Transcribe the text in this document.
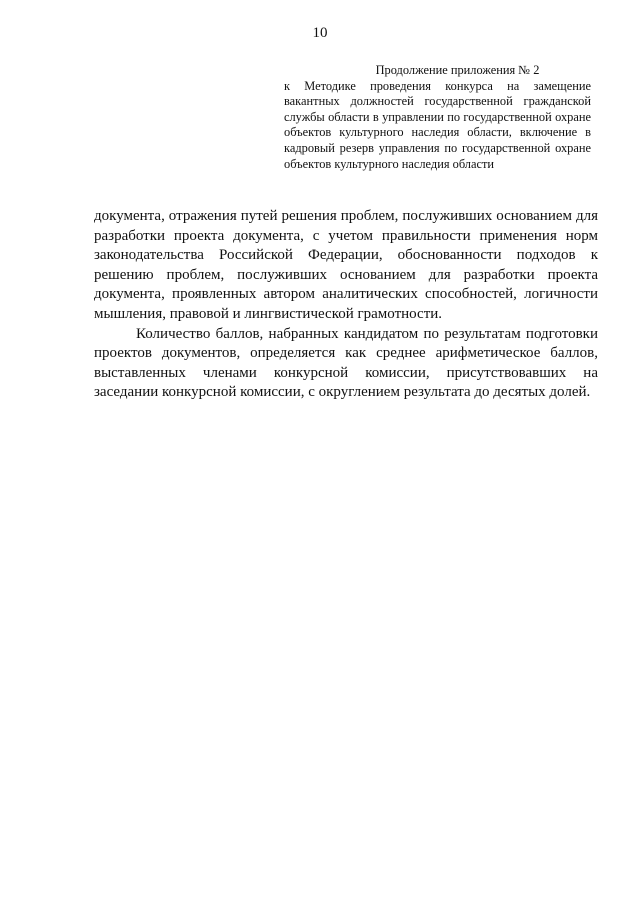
10
Продолжение приложения № 2
к Методике проведения конкурса на замещение вакантных должностей государственной гражданской службы области в управлении по государственной охране объектов культурного наследия области, включение в кадровый резерв управления по государственной охране объектов культурного наследия области

документа, отражения путей решения проблем, послуживших основанием для разработки проекта документа, с учетом правильности применения норм законодательства Российской Федерации, обоснованности подходов к решению проблем, послуживших основанием для разработки проекта документа, проявленных автором аналитических способностей, логичности мышления, правовой и лингвистической грамотности.

Количество баллов, набранных кандидатом по результатам подготовки проектов документов, определяется как среднее арифметическое баллов, выставленных членами конкурсной комиссии, присутствовавших на заседании конкурсной комиссии, с округлением результата до десятых долей.
